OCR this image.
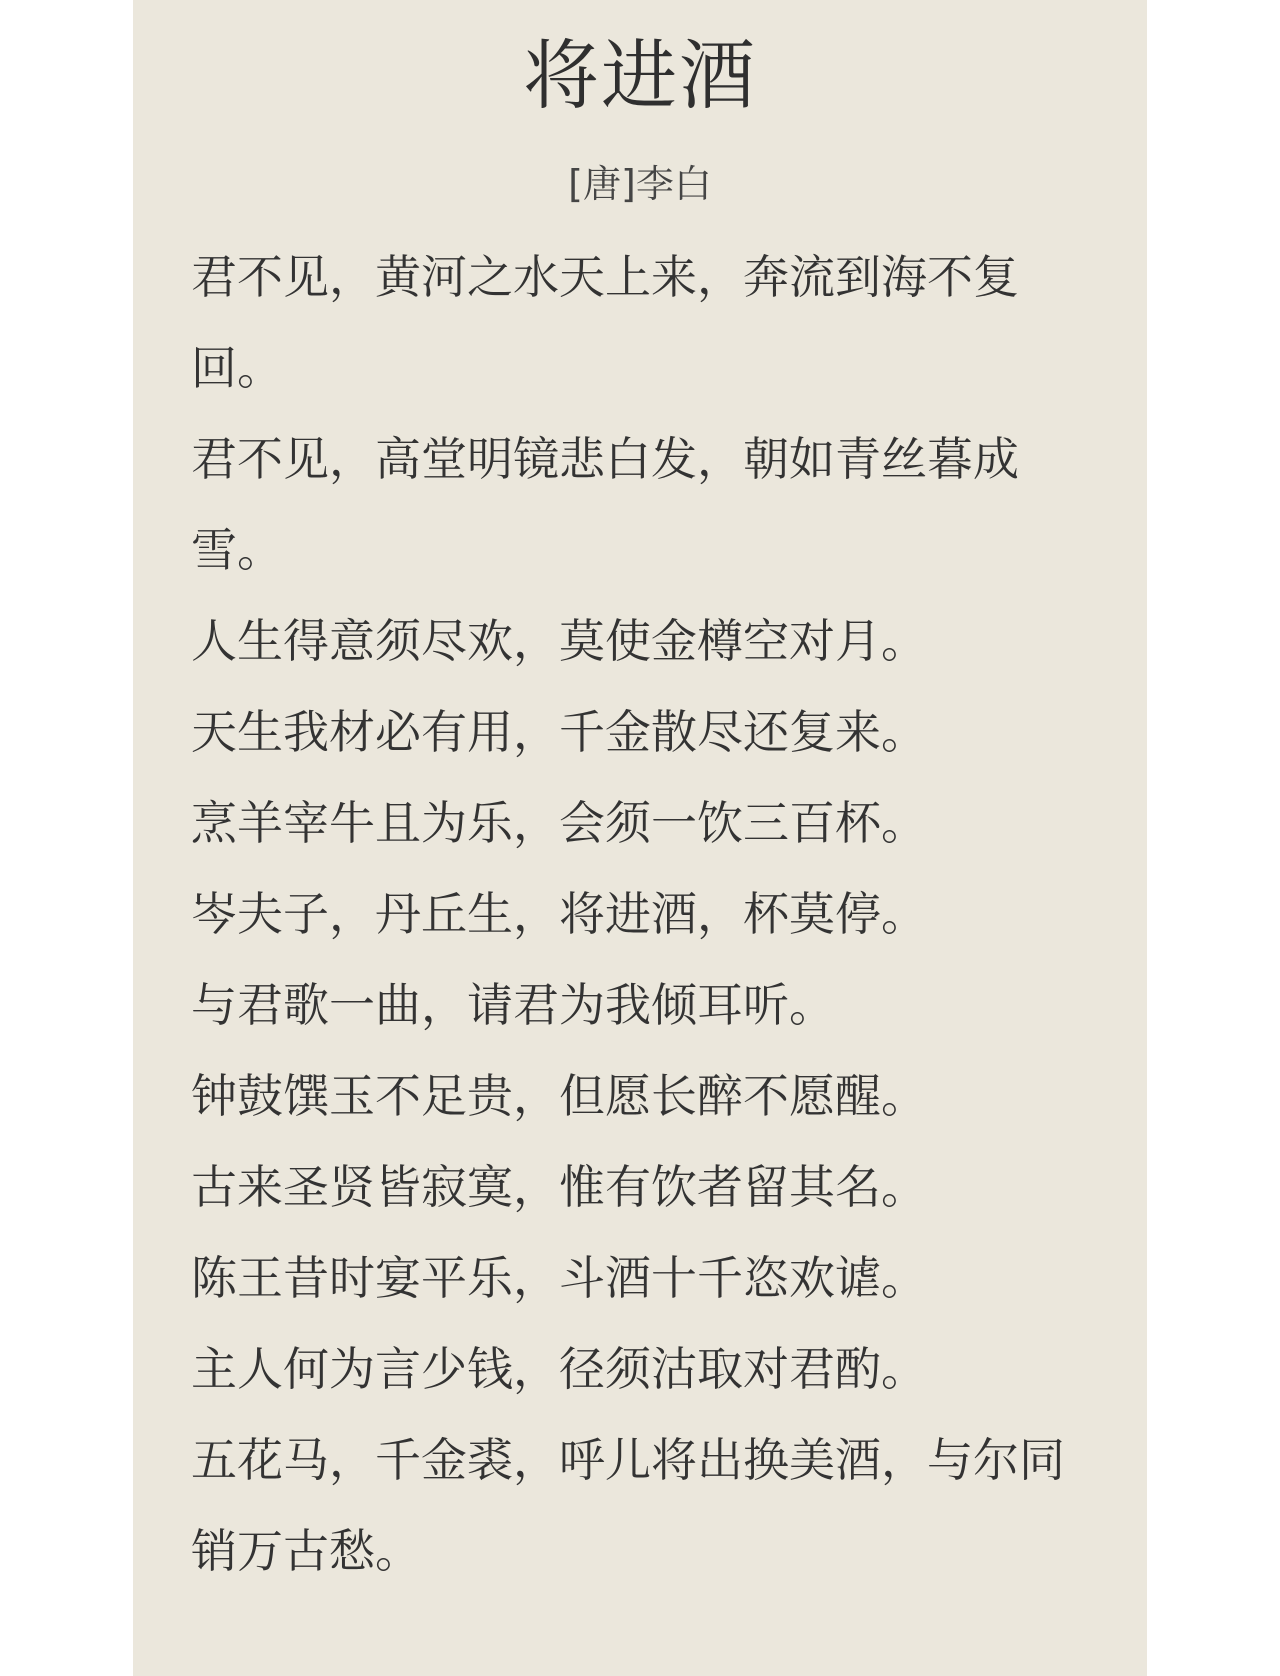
将进酒
[唐]李白
君不见，黄河之水天上来，奔流到海不复回。
君不见，高堂明镜悲白发，朝如青丝暮成雪。
人生得意须尽欢，莫使金樽空对月。
天生我材必有用，千金散尽还复来。
烹羊宰牛且为乐，会须一饮三百杯。
岑夫子，丹丘生，将进酒，杯莫停。
与君歌一曲，请君为我倾耳听。
钟鼓馔玉不足贵，但愿长醉不愿醒。
古来圣贤皆寂寞，惟有饮者留其名。
陈王昔时宴平乐，斗酒十千恣欢谑。
主人何为言少钱，径须沽取对君酌。
五花马，千金裘，呼儿将出换美酒，与尔同销万古愁。
